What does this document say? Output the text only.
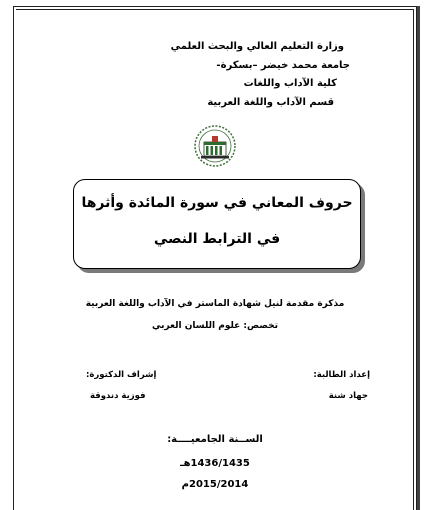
وزارة التعليم العالي والبحث العلمي
جامعة محمد خيضر –بسكرة-
كلية الآداب واللغات
قسم الآداب واللغة العربية
حروف المعاني في سورة المائدة وأثرها
في الترابط النصي
مذكرة مقدمة لنيل شهادة الماستر في الآداب واللغة العربية
تخصص: علوم اللسان العربي
إعداد الطالبة:
إشراف الدكتورة:
جهاد شنة
فوزية دندوقة
الســنة الجامعيــــة:
1436/1435هـ
2015/2014م
